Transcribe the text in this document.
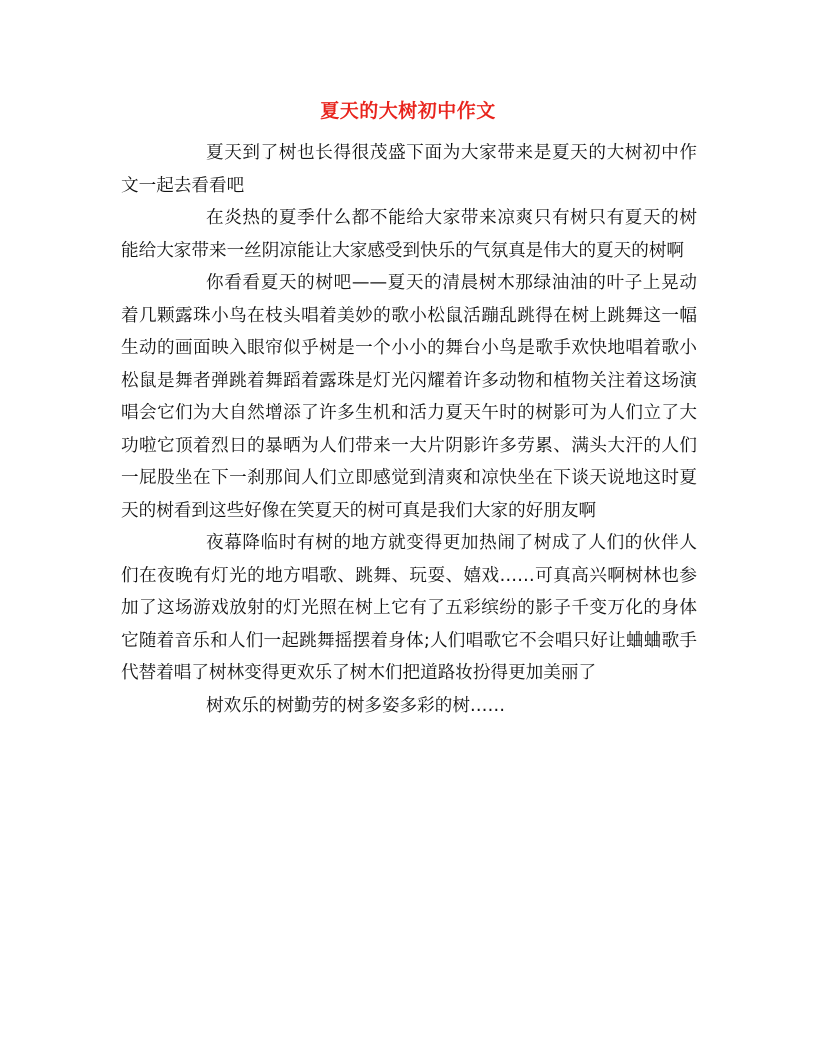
夏天的大树初中作文

夏天到了树也长得很茂盛下面为大家带来是夏天的大树初中作文一起去看看吧

在炎热的夏季什么都不能给大家带来凉爽只有树只有夏天的树能给大家带来一丝阴凉能让大家感受到快乐的气氛真是伟大的夏天的树啊

你看看夏天的树吧——夏天的清晨树木那绿油油的叶子上晃动着几颗露珠小鸟在枝头唱着美妙的歌小松鼠活蹦乱跳得在树上跳舞这一幅生动的画面映入眼帘似乎树是一个小小的舞台小鸟是歌手欢快地唱着歌小松鼠是舞者弹跳着舞蹈着露珠是灯光闪耀着许多动物和植物关注着这场演唱会它们为大自然增添了许多生机和活力夏天午时的树影可为人们立了大功啦它顶着烈日的暴晒为人们带来一大片阴影许多劳累、满头大汗的人们一屁股坐在下一刹那间人们立即感觉到清爽和凉快坐在下谈天说地这时夏天的树看到这些好像在笑夏天的树可真是我们大家的好朋友啊

夜幕降临时有树的地方就变得更加热闹了树成了人们的伙伴人们在夜晚有灯光的地方唱歌、跳舞、玩耍、嬉戏……可真高兴啊树林也参加了这场游戏放射的灯光照在树上它有了五彩缤纷的影子千变万化的身体它随着音乐和人们一起跳舞摇摆着身体;人们唱歌它不会唱只好让蛐蛐歌手代替着唱了树林变得更欢乐了树木们把道路妆扮得更加美丽了

树欢乐的树勤劳的树多姿多彩的树……
